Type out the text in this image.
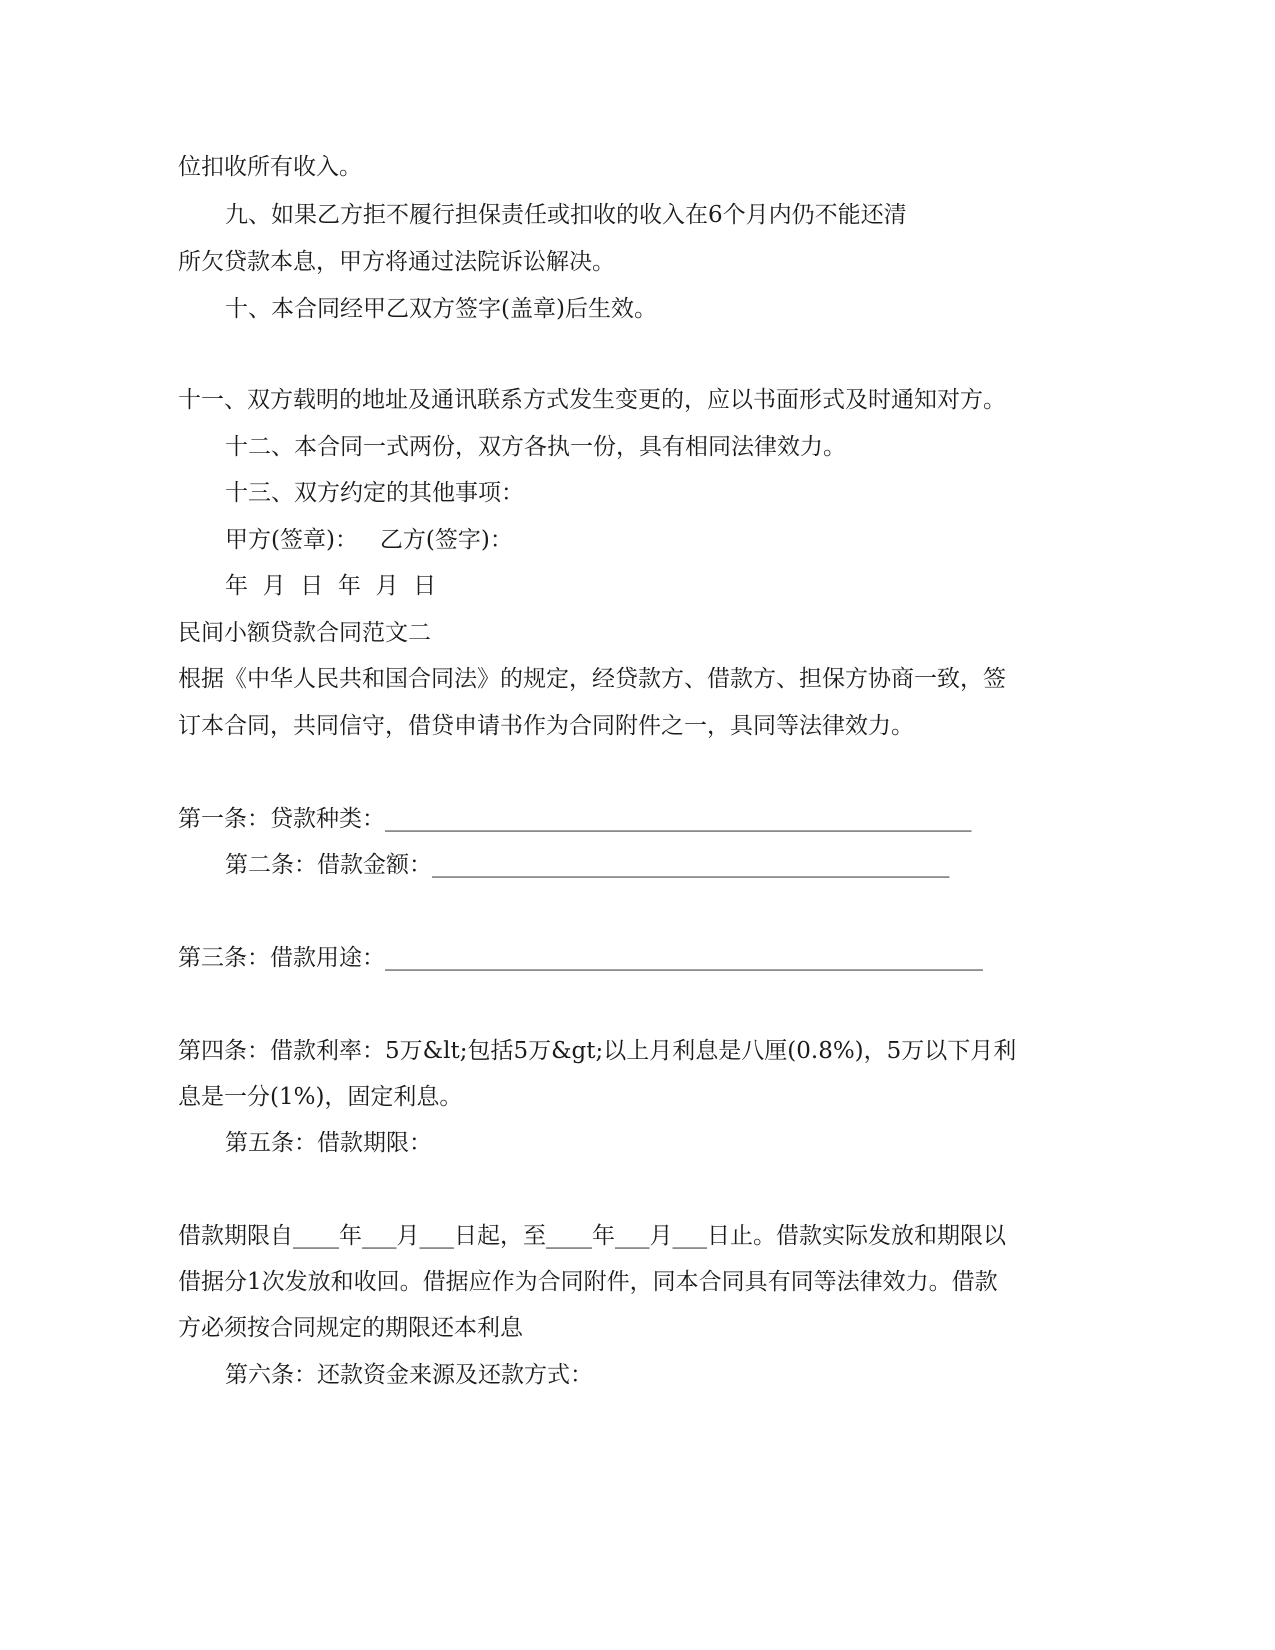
位扣收所有收入。
九、如果乙方拒不履行担保责任或扣收的收入在6个月内仍不能还清
所欠贷款本息，甲方将通过法院诉讼解决。
十、本合同经甲乙双方签字(盖章)后生效。
十一、双方载明的地址及通讯联系方式发生变更的，应以书面形式及时通知对方。
十二、本合同一式两份，双方各执一份，具有相同法律效力。
十三、双方约定的其他事项：
甲方(签章)：   乙方(签字)：
年  月  日  年  月  日
民间小额贷款合同范文二
根据《中华人民共和国合同法》的规定，经贷款方、借款方、担保方协商一致，签
订本合同，共同信守，借贷申请书作为合同附件之一，具同等法律效力。
第一条：贷款种类：___________________________________________________
第二条：借款金额：_____________________________________________
第三条：借款用途：____________________________________________________
第四条：借款利率：5万&lt;包括5万&gt;以上月利息是八厘(0.8%)，5万以下月利
息是一分(1%)，固定利息。
第五条：借款期限：
借款期限自____年___月___日起，至____年___月___日止。借款实际发放和期限以
借据分1次发放和收回。借据应作为合同附件，同本合同具有同等法律效力。借款
方必须按合同规定的期限还本利息
第六条：还款资金来源及还款方式：
